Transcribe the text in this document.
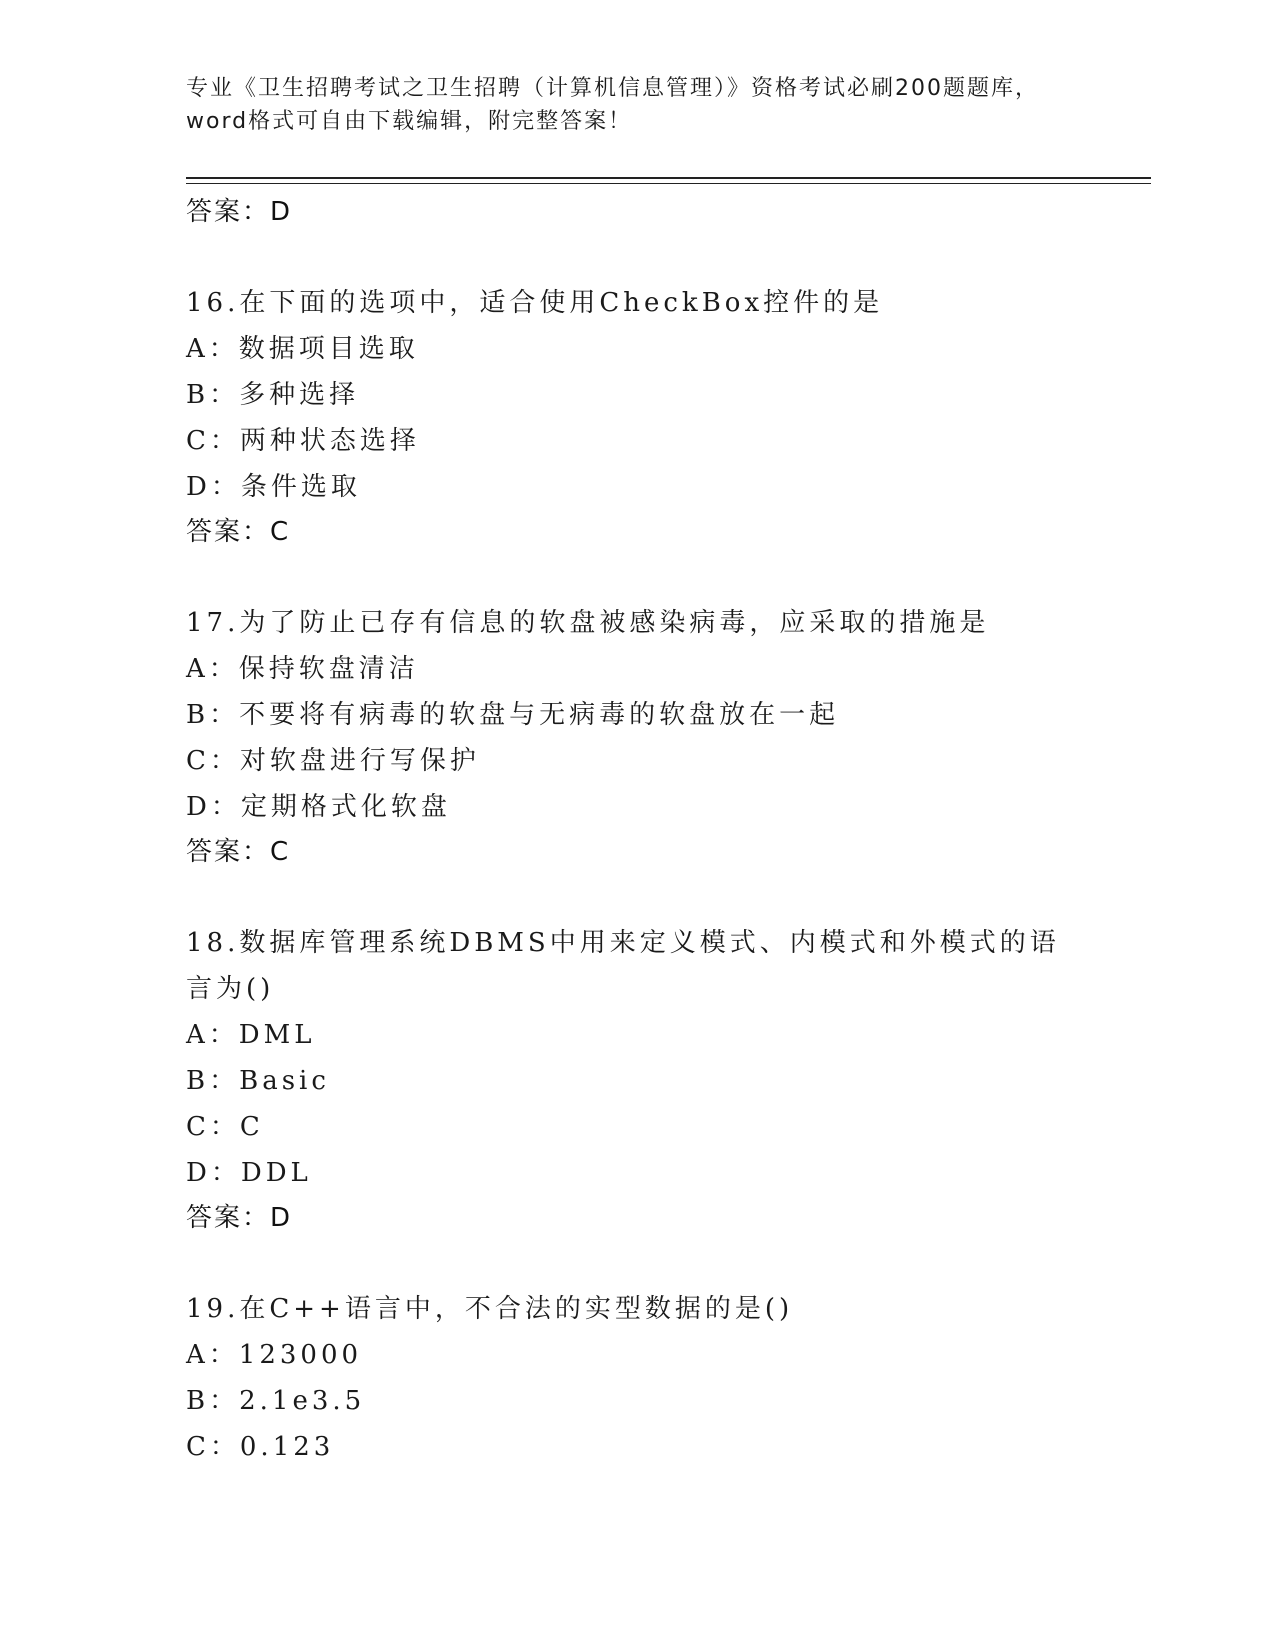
专业《卫生招聘考试之卫生招聘（计算机信息管理）》资格考试必刷200题题库，
word格式可自由下载编辑，附完整答案！

答案：D

16.在下面的选项中，适合使用CheckBox控件的是

A：数据项目选取

B：多种选择

C：两种状态选择

D：条件选取

答案：C

17.为了防止已存有信息的软盘被感染病毒，应采取的措施是

A：保持软盘清洁

B：不要将有病毒的软盘与无病毒的软盘放在一起

C：对软盘进行写保护

D：定期格式化软盘

答案：C

18.数据库管理系统DBMS中用来定义模式、内模式和外模式的语言为()

A：DML

B：Basic

C：C

D：DDL

答案：D

19.在C++语言中，不合法的实型数据的是()

A：123000

B：2.1e3.5

C：0.123
